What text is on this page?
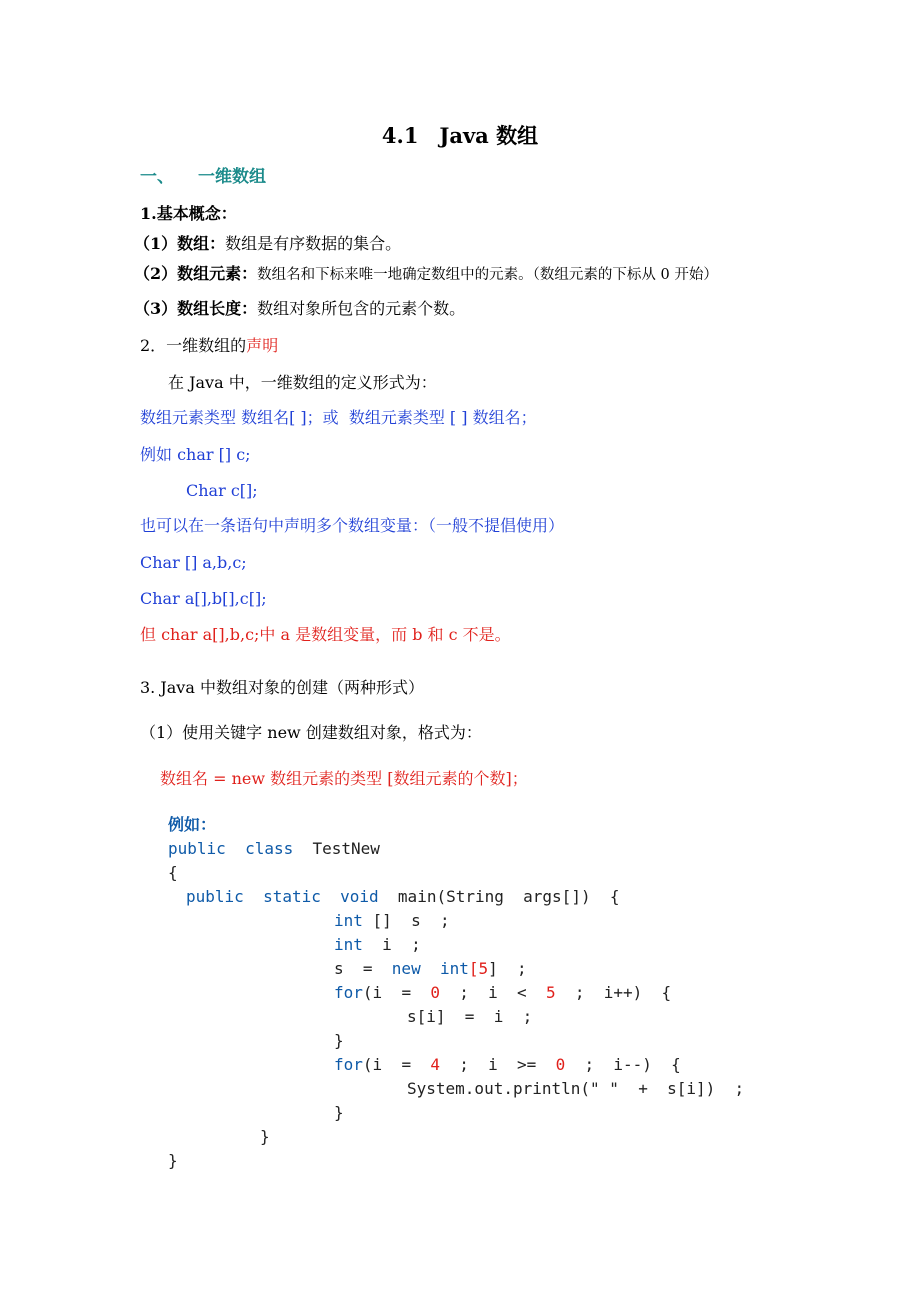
4.1　Java 数组
一、 一维数组
1.基本概念：
（1）数组：数组是有序数据的集合。
（2）数组元素：数组名和下标来唯一地确定数组中的元素。（数组元素的下标从 0 开始）
（3）数组长度：数组对象所包含的元素个数。
2．一维数组的声明
在 Java 中，一维数组的定义形式为：
数组元素类型 数组名[ ]；或  数组元素类型 [ ] 数组名；
例如 char [] c;
Char c[];
也可以在一条语句中声明多个数组变量：（一般不提倡使用）
Char [] a,b,c;
Char a[],b[],c[];
但 char a[],b,c;中 a 是数组变量，而 b 和 c 不是。
3. Java 中数组对象的创建（两种形式）
（1）使用关键字 new 创建数组对象，格式为：
数组名 = new 数组元素的类型 [数组元素的个数]；
例如：
public class TestNew
{
public static void main(String  args[])  {
int []  s  ;
int i  ;
s  =  new int[5]  ;
for(i  =  0  ;  i  <  5  ;  i++)  {
s[i]  =  i  ;
}
for(i  =  4  ;  i  >=  0  ;  i--)  {
System.out.println(" "  +  s[i])  ;
}
}
}
